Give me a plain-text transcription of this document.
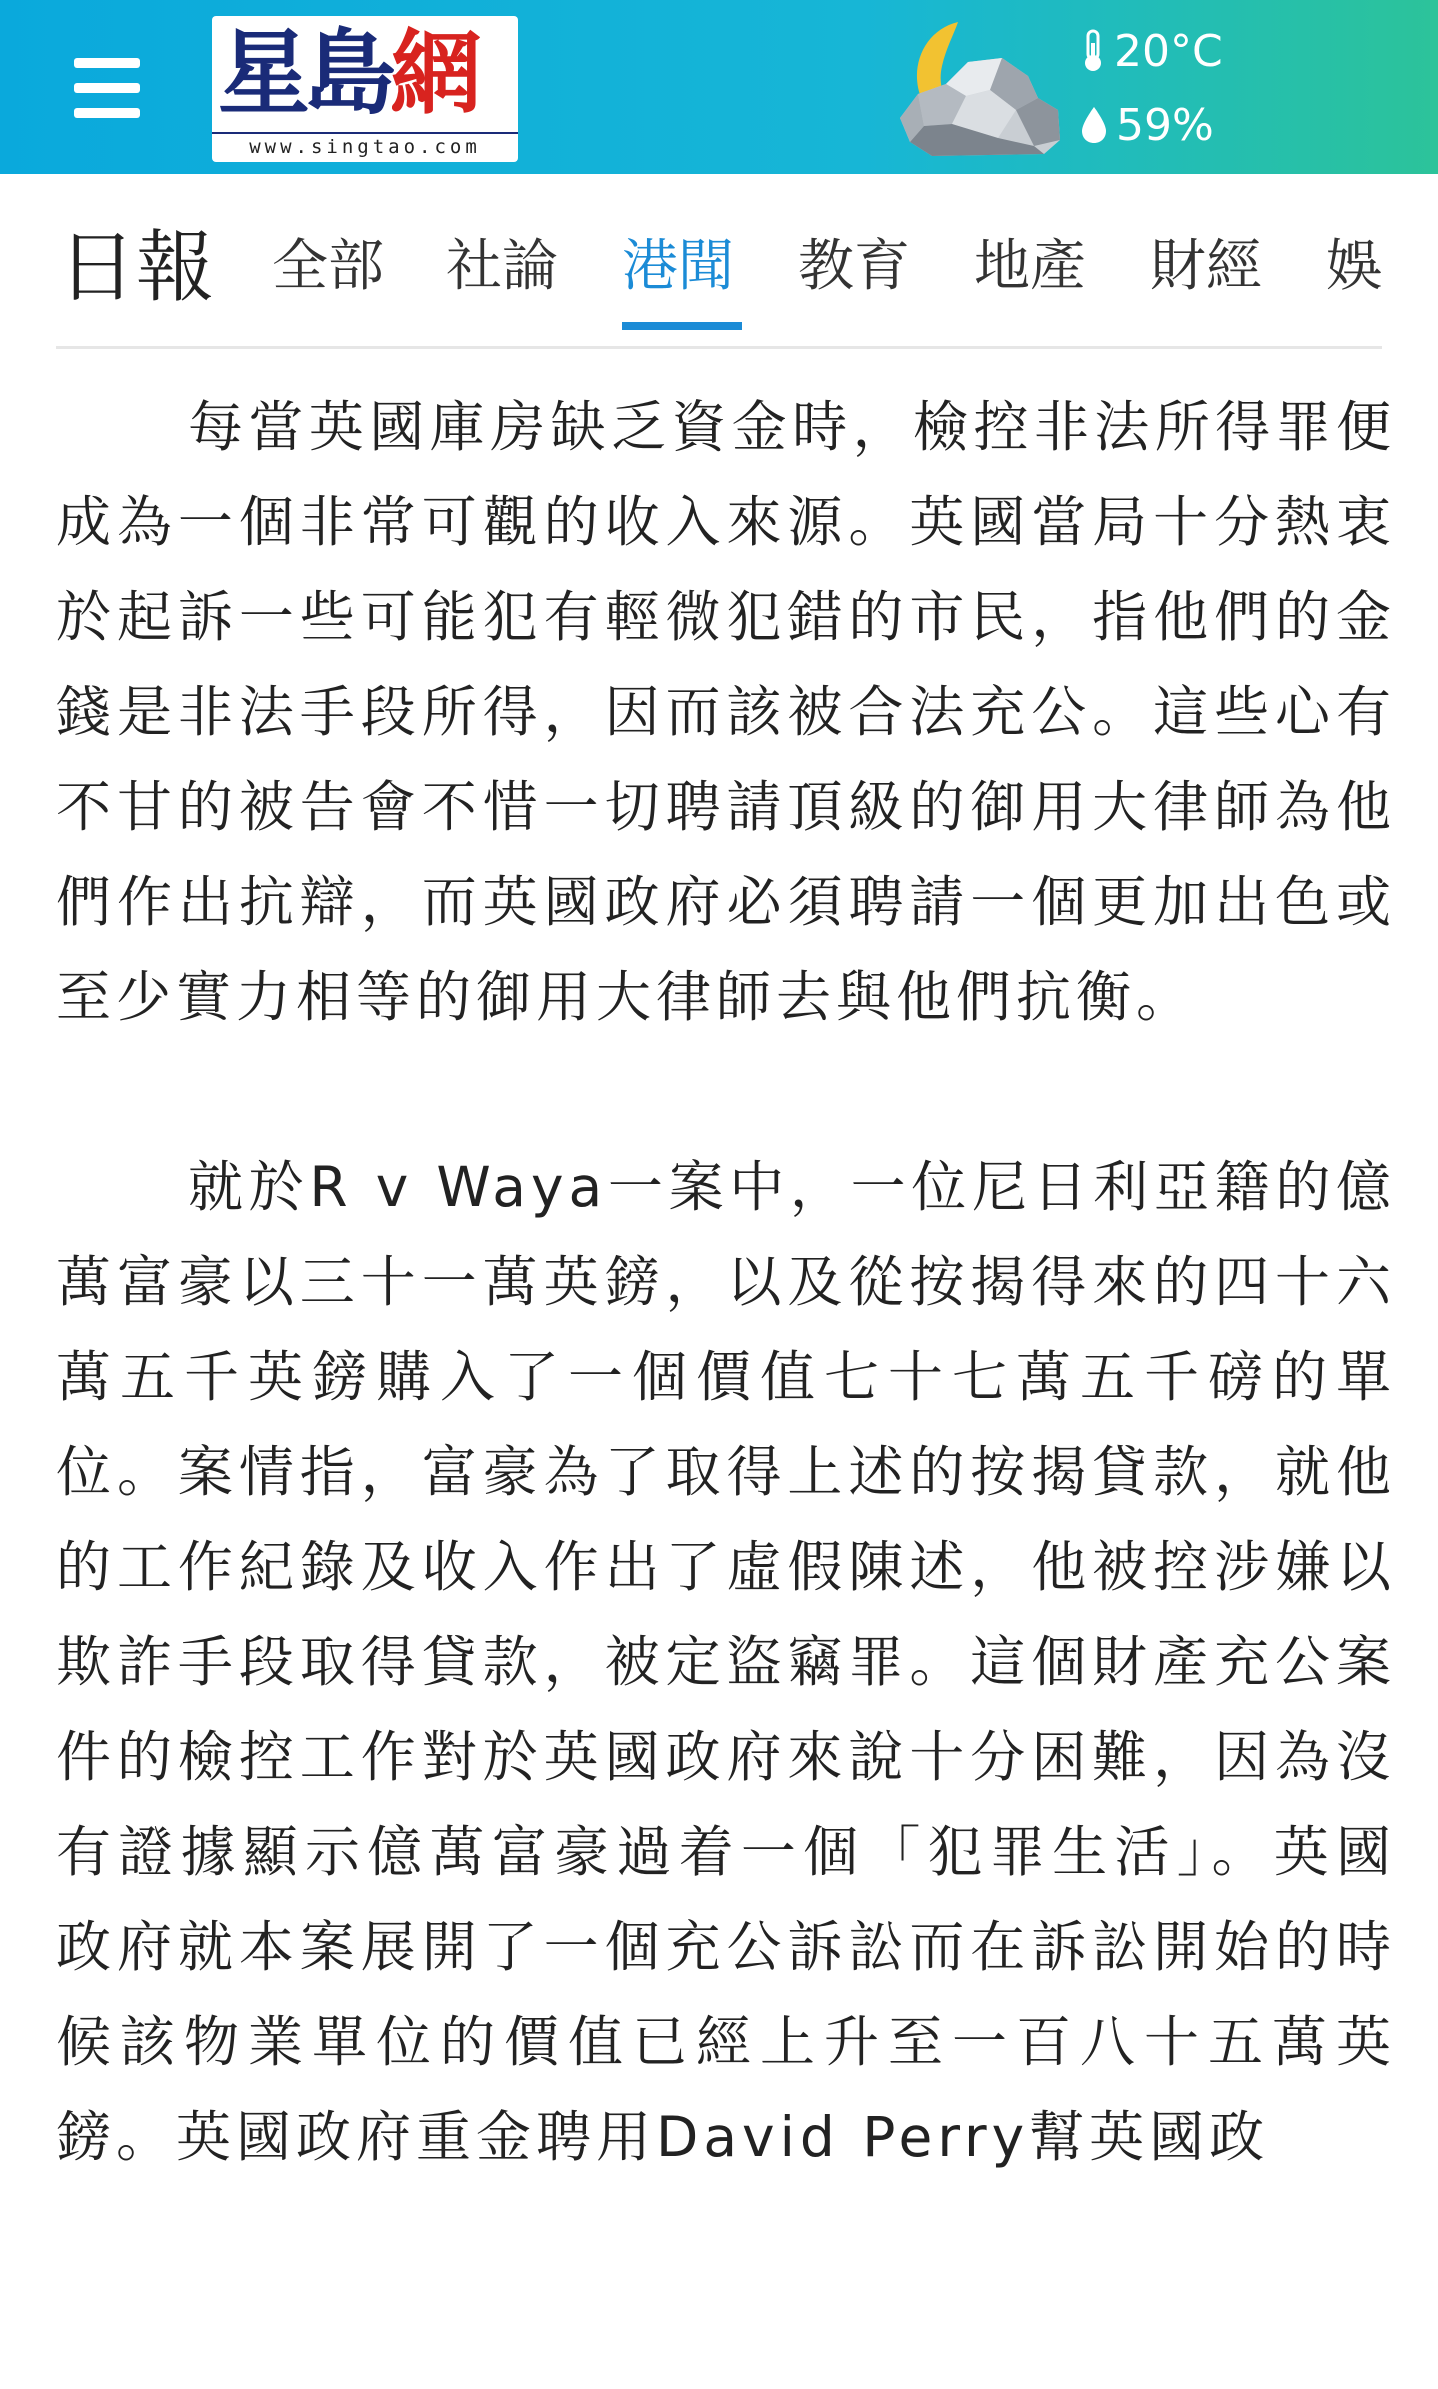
星島網
www.singtao.com
20°C
59%
日報 全部 社論 港聞 教育 地產 財經 娛

每當英國庫房缺乏資金時，檢控非法所得罪便成為一個非常可觀的收入來源。英國當局十分熱衷於起訴一些可能犯有輕微犯錯的市民，指他們的金錢是非法手段所得，因而該被合法充公。這些心有不甘的被告會不惜一切聘請頂級的御用大律師為他們作出抗辯，而英國政府必須聘請一個更加出色或至少實力相等的御用大律師去與他們抗衡。

就於R v Waya一案中，一位尼日利亞籍的億萬富豪以三十一萬英鎊，以及從按揭得來的四十六萬五千英鎊購入了一個價值七十七萬五千磅的單位。案情指，富豪為了取得上述的按揭貸款，就他的工作紀錄及收入作出了虛假陳述，他被控涉嫌以欺詐手段取得貸款，被定盜竊罪。這個財產充公案件的檢控工作對於英國政府來說十分困難，因為沒有證據顯示億萬富豪過着一個「犯罪生活」。英國政府就本案展開了一個充公訴訟而在訴訟開始的時候該物業單位的價值已經上升至一百八十五萬英鎊。英國政府重金聘用David Perry幫英國政
